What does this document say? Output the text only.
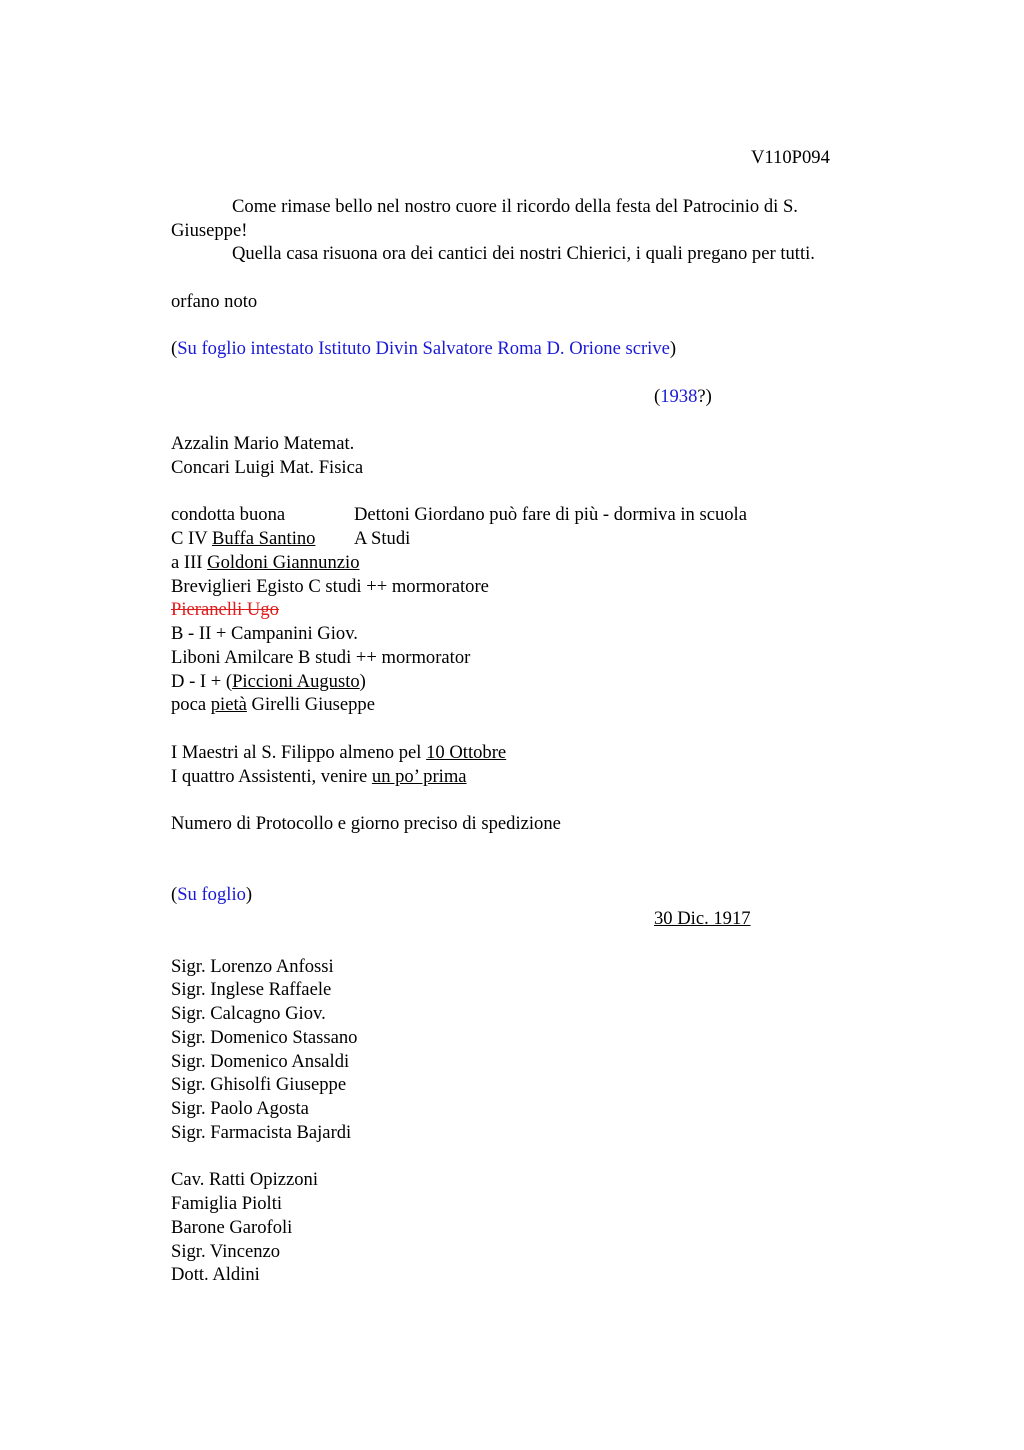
V110P094
Come rimase bello nel nostro cuore il ricordo della festa del Patrocinio di S.
Giuseppe!
Quella casa risuona ora dei cantici dei nostri Chierici, i quali pregano per tutti.
orfano noto
(Su foglio intestato Istituto Divin Salvatore Roma D. Orione scrive)
(1938?)
Azzalin Mario Matemat.
Concari Luigi Mat. Fisica
condotta buona	Dettoni Giordano può fare di più - dormiva in scuola
C IV Buffa Santino A Studi
a III Goldoni Giannunzio
Breviglieri Egisto C studi ++ mormoratore
Pieranelli Ugo
B - II + Campanini Giov.
Liboni Amilcare B studi ++ mormorator
D - I + (Piccioni Augusto)
poca pietà Girelli Giuseppe
I Maestri al S. Filippo almeno pel 10 Ottobre
I quattro Assistenti, venire un po’ prima
Numero di Protocollo e giorno preciso di spedizione
(Su foglio)
30 Dic. 1917
Sigr. Lorenzo Anfossi
Sigr. Inglese Raffaele
Sigr. Calcagno Giov.
Sigr. Domenico Stassano
Sigr. Domenico Ansaldi
Sigr. Ghisolfi Giuseppe
Sigr. Paolo Agosta
Sigr. Farmacista Bajardi
Cav. Ratti Opizzoni
Famiglia Piolti
Barone Garofoli
Sigr. Vincenzo
Dott. Aldini
